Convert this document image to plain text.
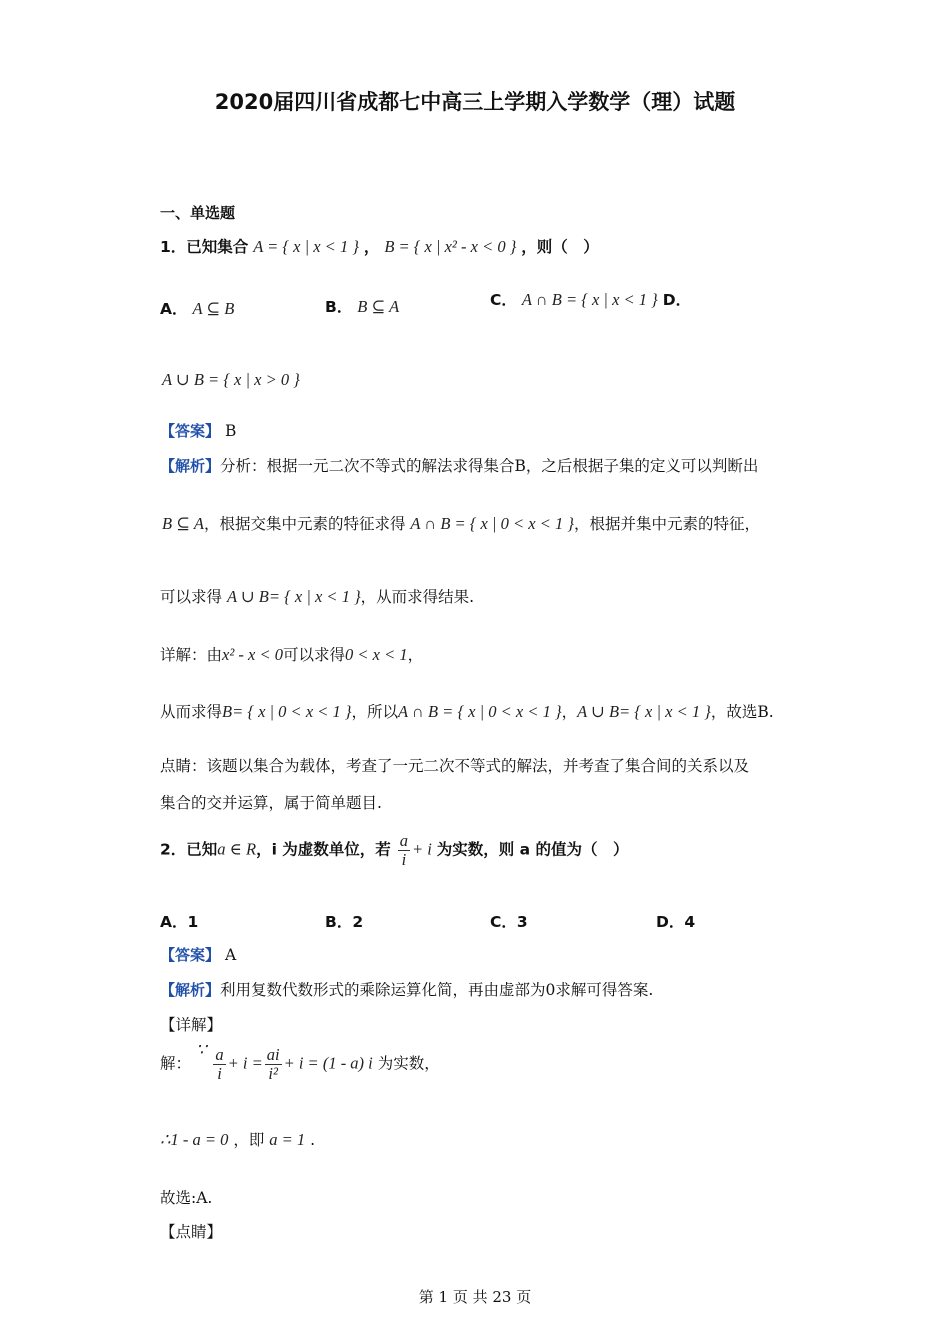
2020届四川省成都七中高三上学期入学数学（理）试题
一、单选题
1．已知集合 A = { x | x < 1 } ， B = { x | x² - x < 0 } ，则（　）
A． A ⊆ B	B． B ⊆ A	C． A ∩ B = { x | x < 1 } D．
A ∪ B = { x | x > 0 }
【答案】 B
【解析】分析：根据一元二次不等式的解法求得集合B，之后根据子集的定义可以判断出
B ⊆ A，根据交集中元素的特征求得 A ∩ B = { x | 0 < x < 1 }，根据并集中元素的特征，
可以求得 A ∪ B= { x | x < 1 }，从而求得结果.
详解：由x² - x < 0可以求得0 < x < 1，
从而求得B= { x | 0 < x < 1 }，所以A ∩ B = { x | 0 < x < 1 }，A ∪ B= { x | x < 1 }，故选B.
点睛：该题以集合为载体，考查了一元二次不等式的解法，并考查了集合间的关系以及
集合的交并运算，属于简单题目.
2．已知a ∈ R，i 为虚数单位，若 $\frac{a}{i} + i$ 为实数，则 a 的值为（　）
A．1	B．2	C．3	D．4
【答案】 A
【解析】利用复数代数形式的乘除运算化简，再由虚部为0求解可得答案.
【详解】
解： ∵ $\frac{a}{i} + i = \frac{ai}{\text{i²}} + i = (1 - a)$ i 为实数，
∴1 - a = 0 ，即 a = 1 .
故选:A.
【点睛】
第 1 页 共 23 页
